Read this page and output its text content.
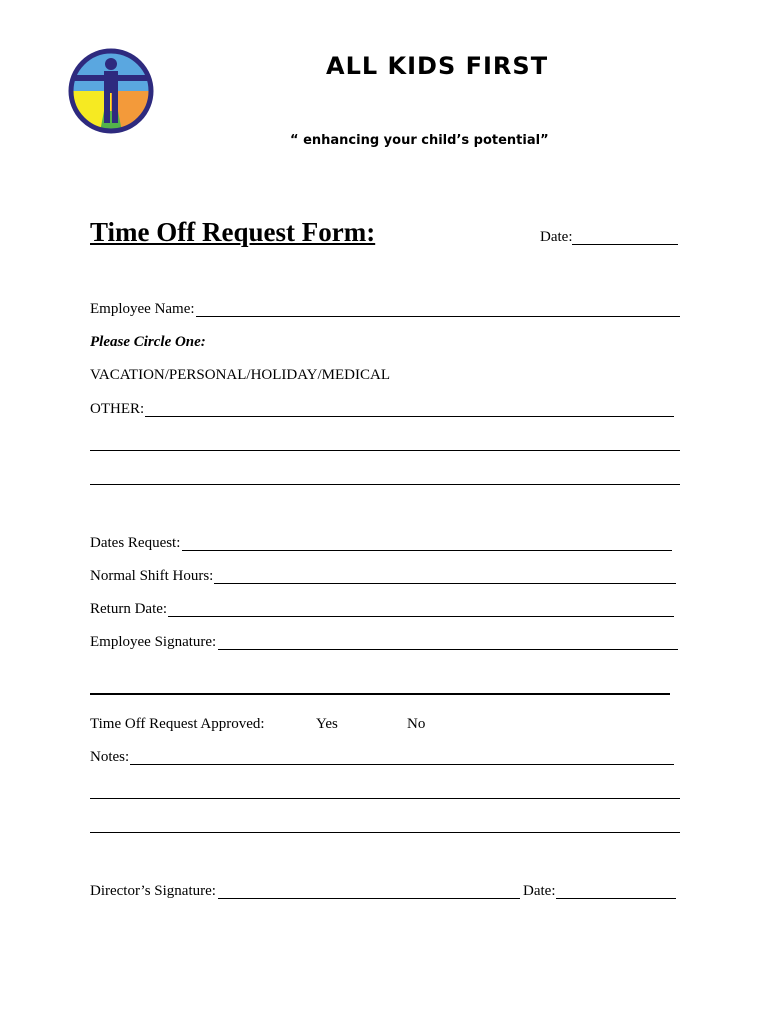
ALL KIDS FIRST
“ enhancing your child’s potential”
Time Off Request Form:	Date:
Employee Name:
Please Circle One:
VACATION/PERSONAL/HOLIDAY/MEDICAL
OTHER:
Dates Request:
Normal Shift Hours:
Return Date:
Employee Signature:
Time Off Request Approved:	Yes	No
Notes:
Director’s Signature:	Date:
